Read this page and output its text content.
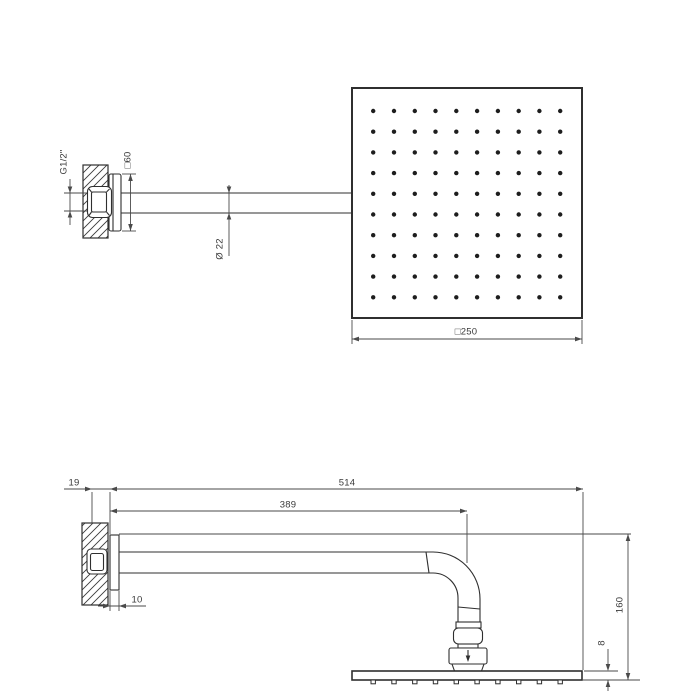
G1/2"	□60
Ø 22
□250
19	514
389
10	160
8
